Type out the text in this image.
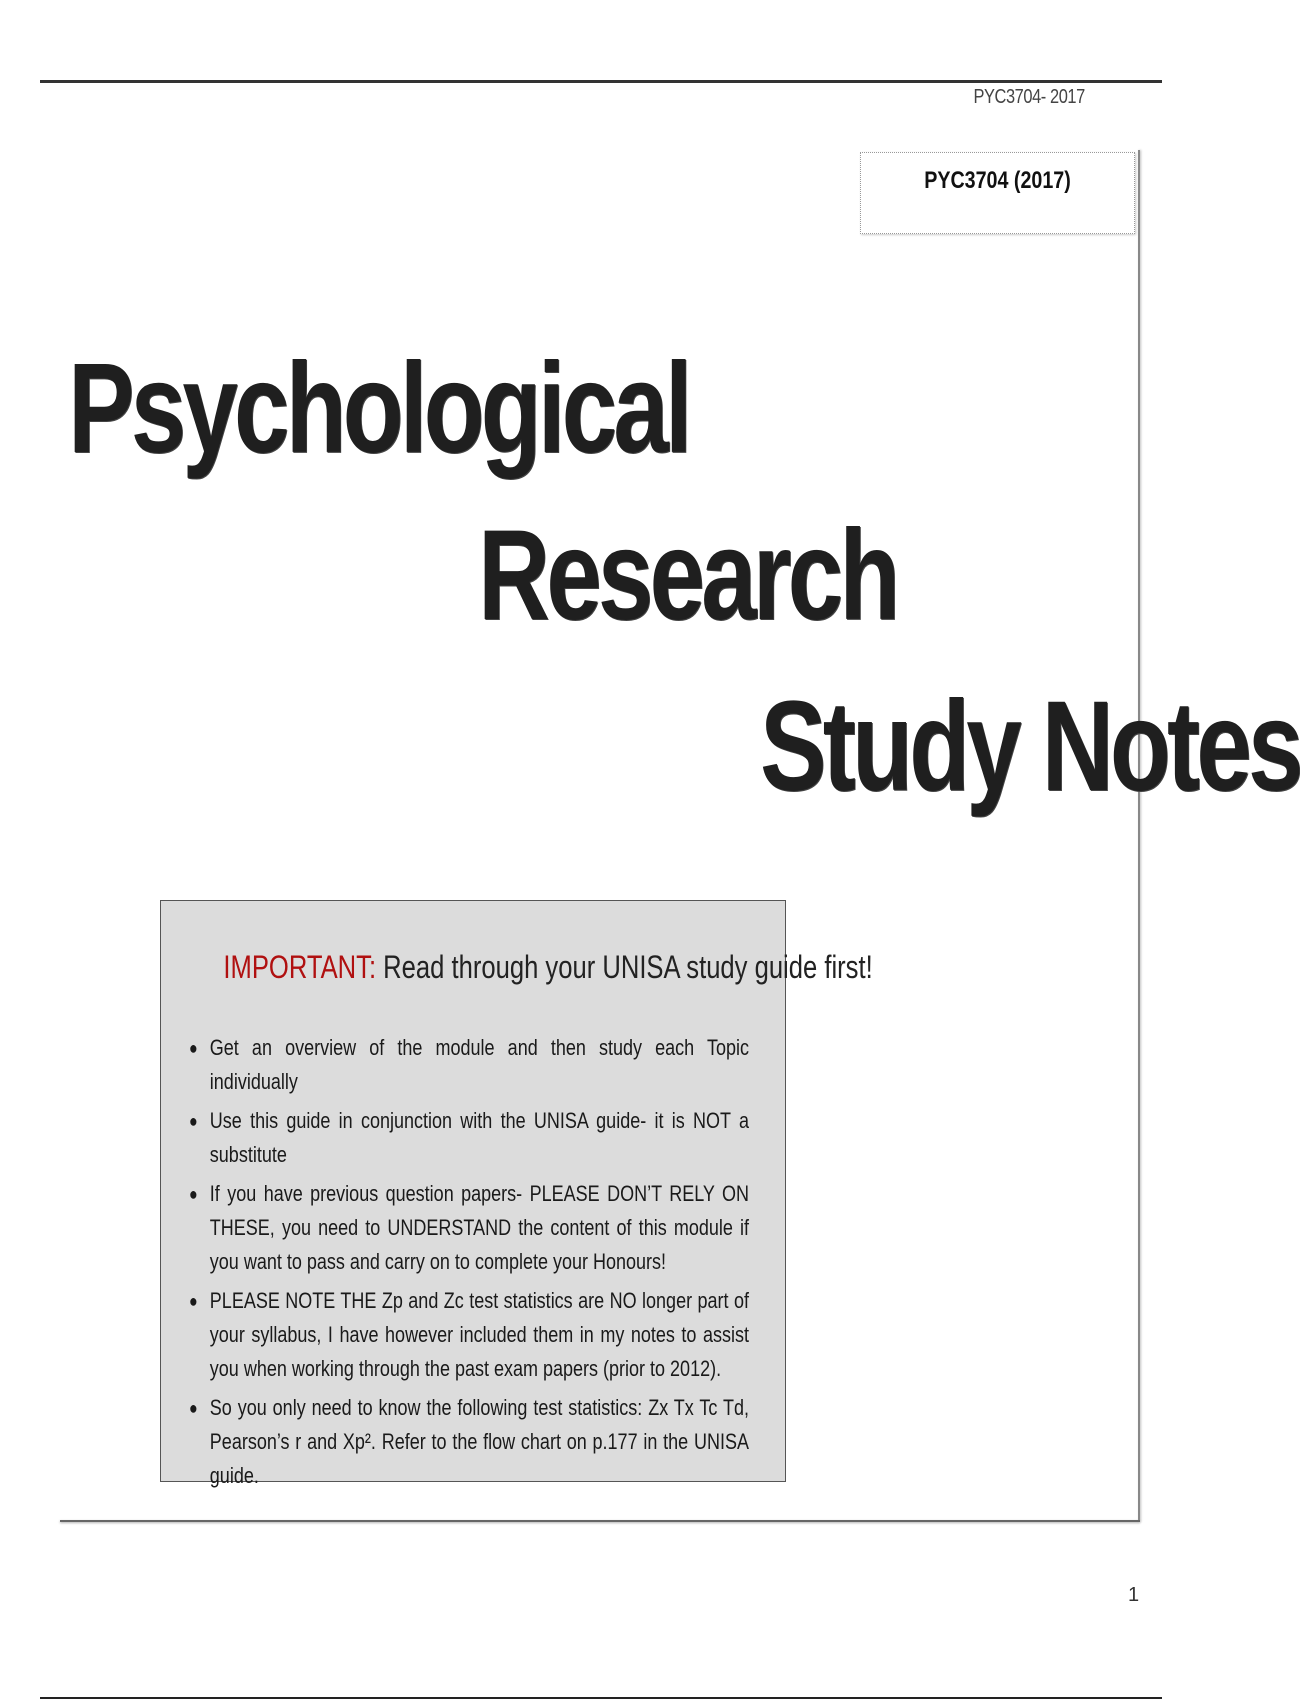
PYC3704- 2017
PYC3704 (2017)
Psychological
Research
Study Notes
IMPORTANT: Read through your UNISA study guide first!
● Get an overview of the module and then study each Topic individually
● Use this guide in conjunction with the UNISA guide- it is NOT a substitute
● If you have previous question papers- PLEASE DON’T RELY ON THESE, you need to UNDERSTAND the content of this module if you want to pass and carry on to complete your Honours!
● PLEASE NOTE THE Zp and Zc test statistics are NO longer part of your syllabus, I have however included them in my notes to assist you when working through the past exam papers (prior to 2012).
● So you only need to know the following test statistics: Zx Tx Tc Td, Pearson’s r and Xp². Refer to the flow chart on p.177 in the UNISA guide.
1
